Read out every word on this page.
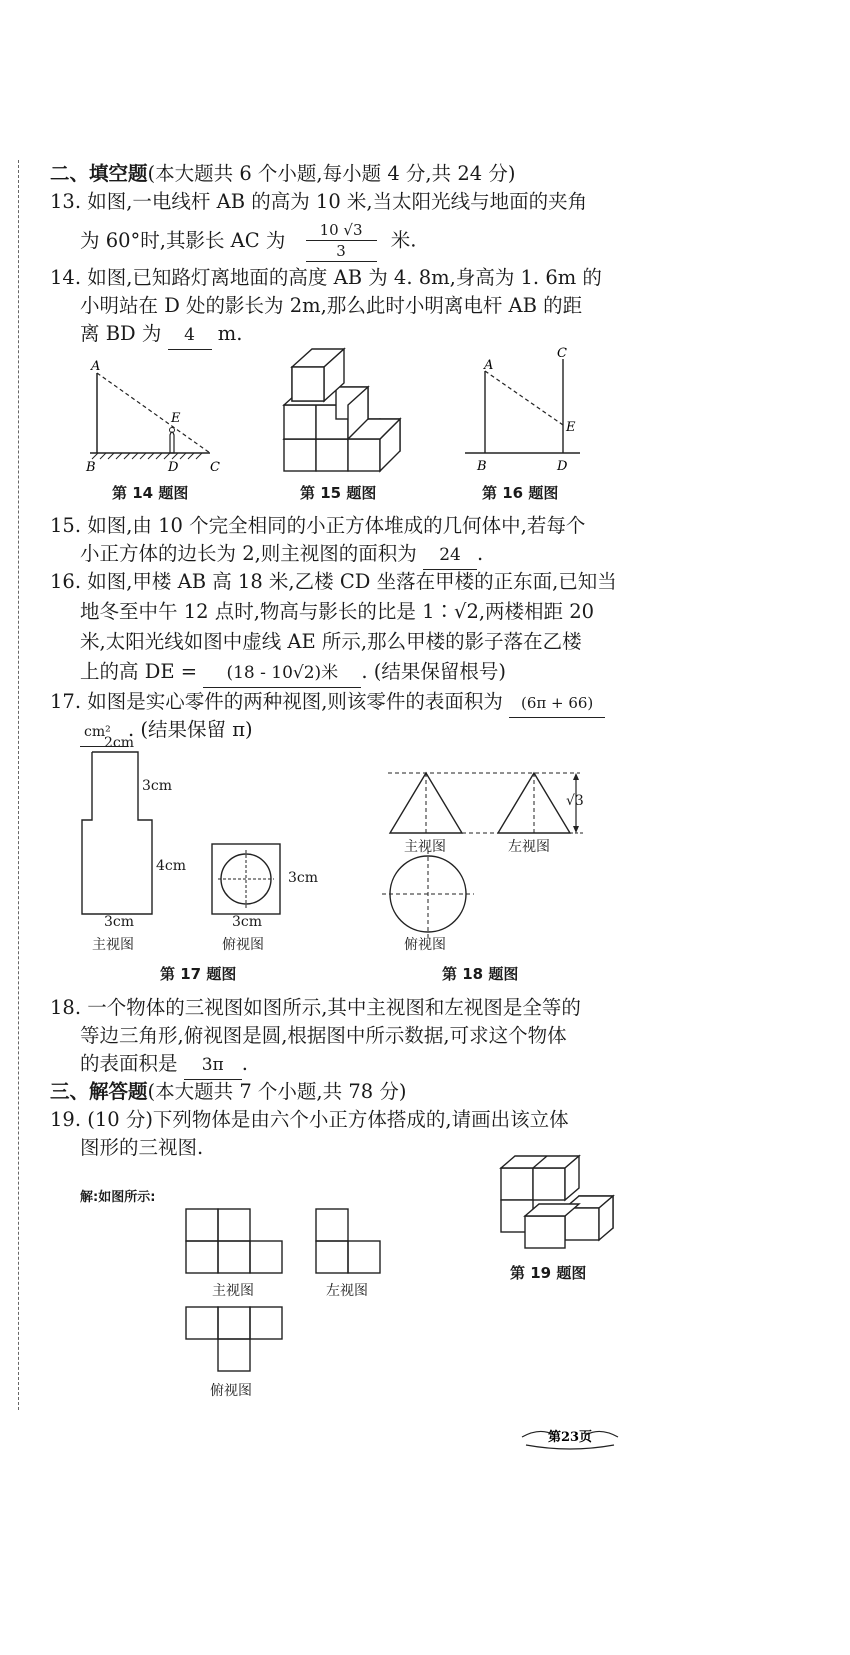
二、填空题(本大题共 6 个小题,每小题 4 分,共 24 分)
13. 如图,一电线杆 AB 的高为 10 米,当太阳光线与地面的夹角
为 60°时,其影长 AC 为 $\frac{10 √3}{3}$ 米.
14. 如图,已知路灯离地面的高度 AB 为 4. 8m,身高为 1. 6m 的
小明站在 D 处的影长为 2m,那么此时小明离电杆 AB 的距
离 BD 为 4 m.
A
B	D C
E
第 14 题图	第 15 题图
A
B	D
C
E
第 16 题图
15. 如图,由 10 个完全相同的小正方体堆成的几何体中,若每个
小正方体的边长为 2,则主视图的面积为 24 .
16. 如图,甲楼 AB 高 18 米,乙楼 CD 坐落在甲楼的正东面,已知当
地冬至中午 12 点时,物高与影长的比是 1∶√2,两楼相距 20
米,太阳光线如图中虚线 AE 所示,那么甲楼的影子落在乙楼
上的高 DE = (18 - 10√2)米 . (结果保留根号)
17. 如图是实心零件的两种视图,则该零件的表面积为 (6π + 66)
cm² . (结果保留 π)
2cm
3cm
4cm
3cm
3cm
3cm
主视图	俯视图
第 17 题图
√3
主视图	左视图
俯视图
第 18 题图
18. 一个物体的三视图如图所示,其中主视图和左视图是全等的
等边三角形,俯视图是圆,根据图中所示数据,可求这个物体
的表面积是 3π .
三、解答题(本大题共 7 个小题,共 78 分)
19. (10 分)下列物体是由六个小正方体搭成的,请画出该立体
图形的三视图.
解:如图所示:
主视图	左视图
俯视图
第 19 题图
第23页
